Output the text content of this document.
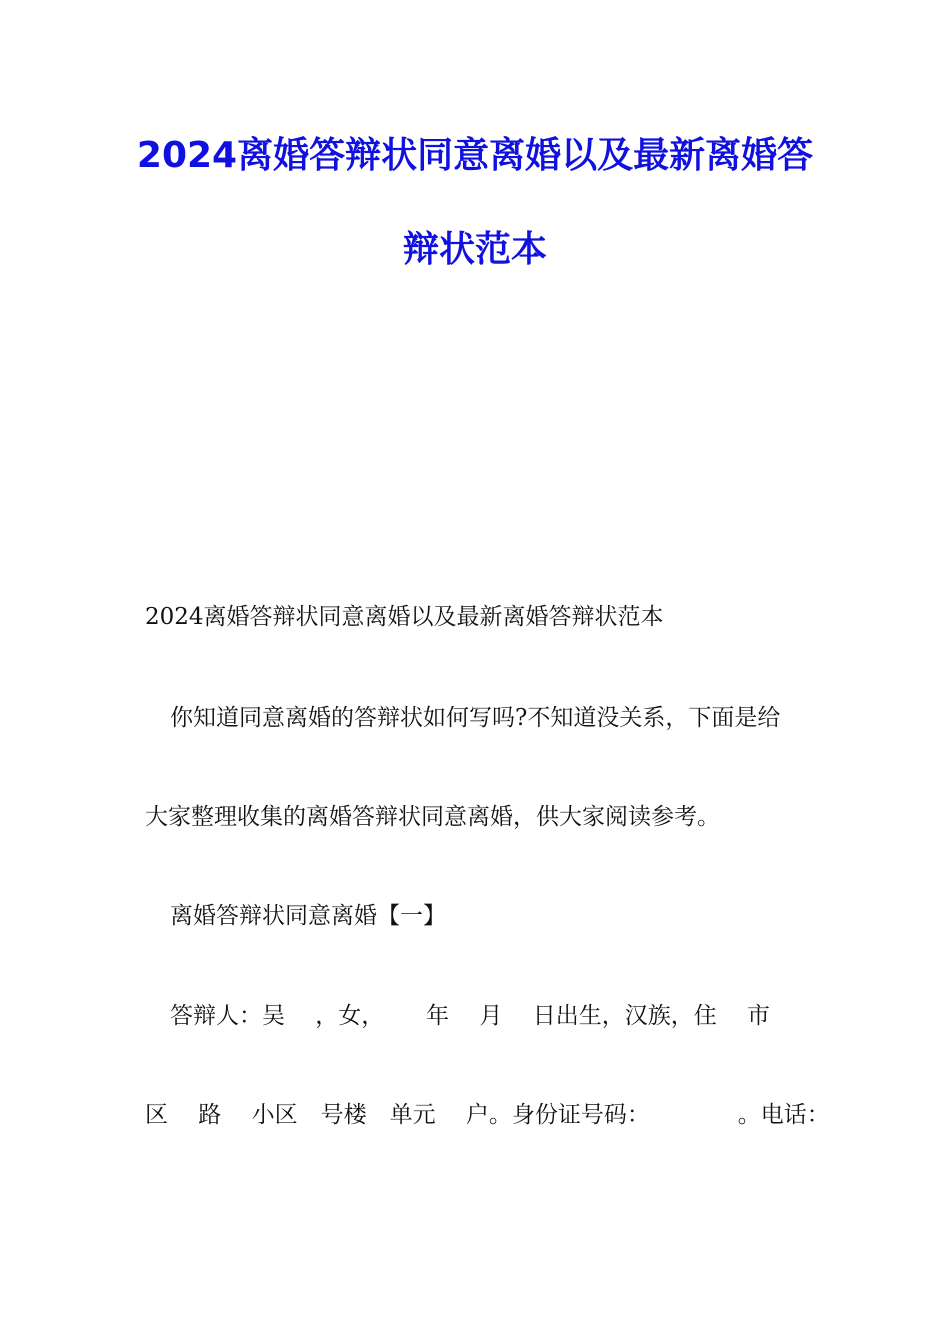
2024离婚答辩状同意离婚以及最新离婚答
辩状范本
2024离婚答辩状同意离婚以及最新离婚答辩状范本
你知道同意离婚的答辩状如何写吗?不知道没关系，下面是给
大家整理收集的离婚答辩状同意离婚，供大家阅读参考。
离婚答辩状同意离婚【一】
答辩人：吴　 ，女，　　 年　 月　 日出生，汉族，住　 市
区　 路　 小区　号楼　单元　 户。身份证号码：　　　　 。电话：
